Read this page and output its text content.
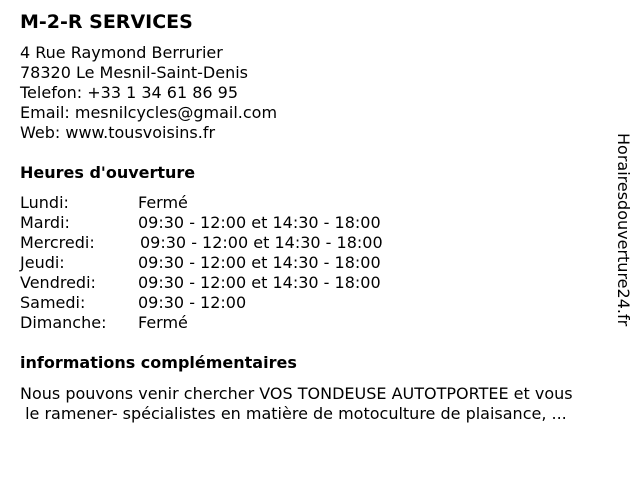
M-2-R SERVICES
4 Rue Raymond Berrurier
78320 Le Mesnil-Saint-Denis
Telefon: +33 1 34 61 86 95
Email: mesnilcycles@gmail.com
Web: www.tousvoisins.fr
Heures d'ouverture
Lundi:	Fermé
Mardi:	09:30 - 12:00 et 14:30 - 18:00
Mercredi:	09:30 - 12:00 et 14:30 - 18:00
Jeudi:	09:30 - 12:00 et 14:30 - 18:00
Vendredi:	09:30 - 12:00 et 14:30 - 18:00
Samedi:	09:30 - 12:00
Dimanche: Fermé
informations complémentaires
Nous pouvons venir chercher VOS TONDEUSE AUTOTPORTEE et vous
le ramener- spécialistes en matière de motoculture de plaisance, ...
Horairesdouverture24.fr
